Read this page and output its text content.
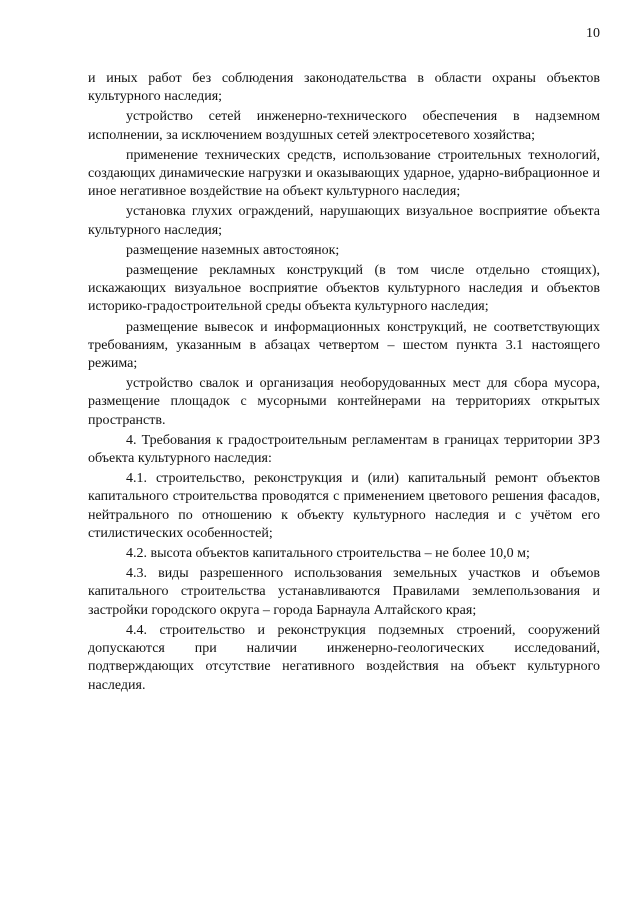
10

и иных работ без соблюдения законодательства в области охраны объектов культурного наследия;

устройство сетей инженерно-технического обеспечения в надземном исполнении, за исключением воздушных сетей электросетевого хозяйства;

применение технических средств, использование строительных технологий, создающих динамические нагрузки и оказывающих ударное, ударно-вибрационное и иное негативное воздействие на объект культурного наследия;

установка глухих ограждений, нарушающих визуальное восприятие объекта культурного наследия;

размещение наземных автостоянок;

размещение рекламных конструкций (в том числе отдельно стоящих), искажающих визуальное восприятие объектов культурного наследия и объектов историко-градостроительной среды объекта культурного наследия;

размещение вывесок и информационных конструкций, не соответствующих требованиям, указанным в абзацах четвертом – шестом пункта 3.1 настоящего режима;

устройство свалок и организация необорудованных мест для сбора мусора, размещение площадок с мусорными контейнерами на территориях открытых пространств.

4. Требования к градостроительным регламентам в границах территории ЗРЗ объекта культурного наследия:

4.1. строительство, реконструкция и (или) капитальный ремонт объектов капитального строительства проводятся с применением цветового решения фасадов, нейтрального по отношению к объекту культурного наследия и с учётом его стилистических особенностей;

4.2. высота объектов капитального строительства – не более 10,0 м;

4.3. виды разрешенного использования земельных участков и объемов капитального строительства устанавливаются Правилами землепользования и застройки городского округа – города Барнаула Алтайского края;

4.4. строительство и реконструкция подземных строений, сооружений допускаются при наличии инженерно-геологических исследований, подтверждающих отсутствие негативного воздействия на объект культурного наследия.
